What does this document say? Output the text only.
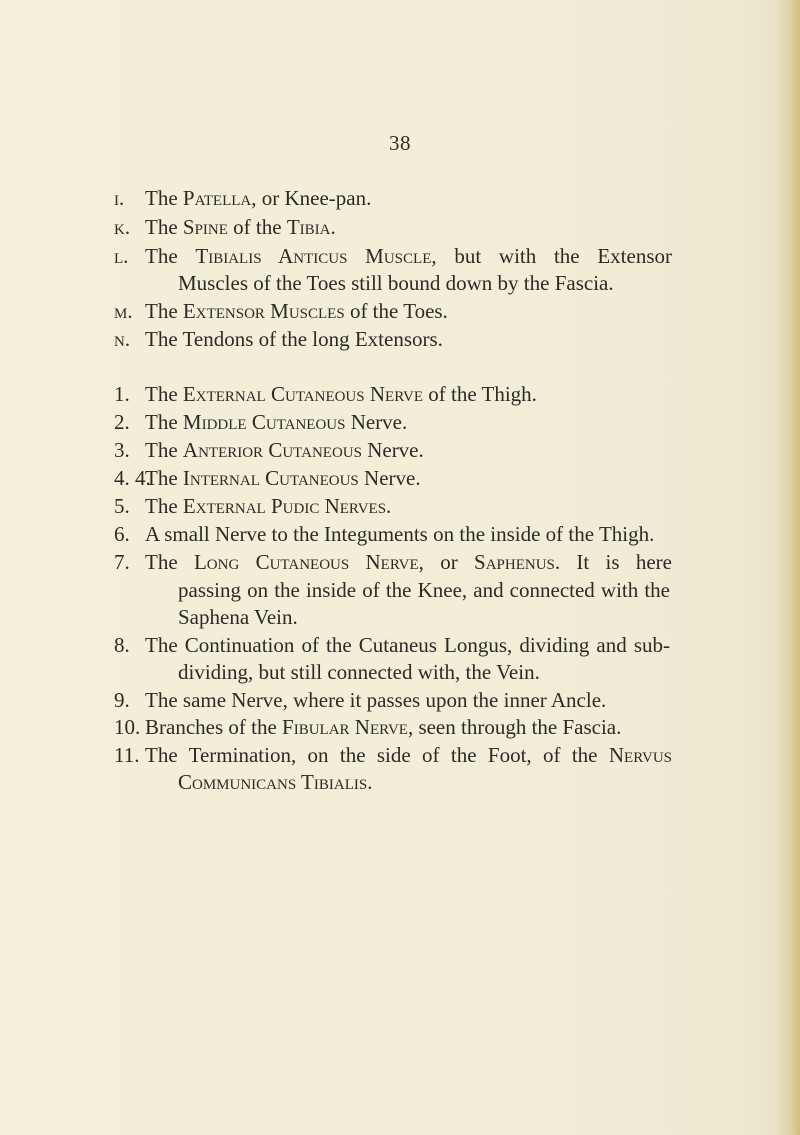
38
i. The Patella, or Knee-pan.
k. The Spine of the Tibia.
l. The Tibialis Anticus Muscle, but with the Extensor
Muscles of the Toes still bound down by the Fascia.
m. The Extensor Muscles of the Toes.
n. The Tendons of the long Extensors.
1. The External Cutaneous Nerve of the Thigh.
2. The Middle Cutaneous Nerve.
3. The Anterior Cutaneous Nerve.
4. 4.
The Internal Cutaneous Nerve.
5. The External Pudic Nerves.
6. A small Nerve to the Integuments on the inside of the Thigh.
7. The Long Cutaneous Nerve, or Saphenus. It is here
passing on the inside of the Knee, and connected with the
Saphena Vein.
8. The Continuation of the Cutaneus Longus, dividing and sub-
dividing, but still connected with, the Vein.
9. The same Nerve, where it passes upon the inner Ancle.
10. Branches of the Fibular Nerve, seen through the Fascia.
11. The Termination, on the side of the Foot, of the Nervus
Communicans Tibialis.
